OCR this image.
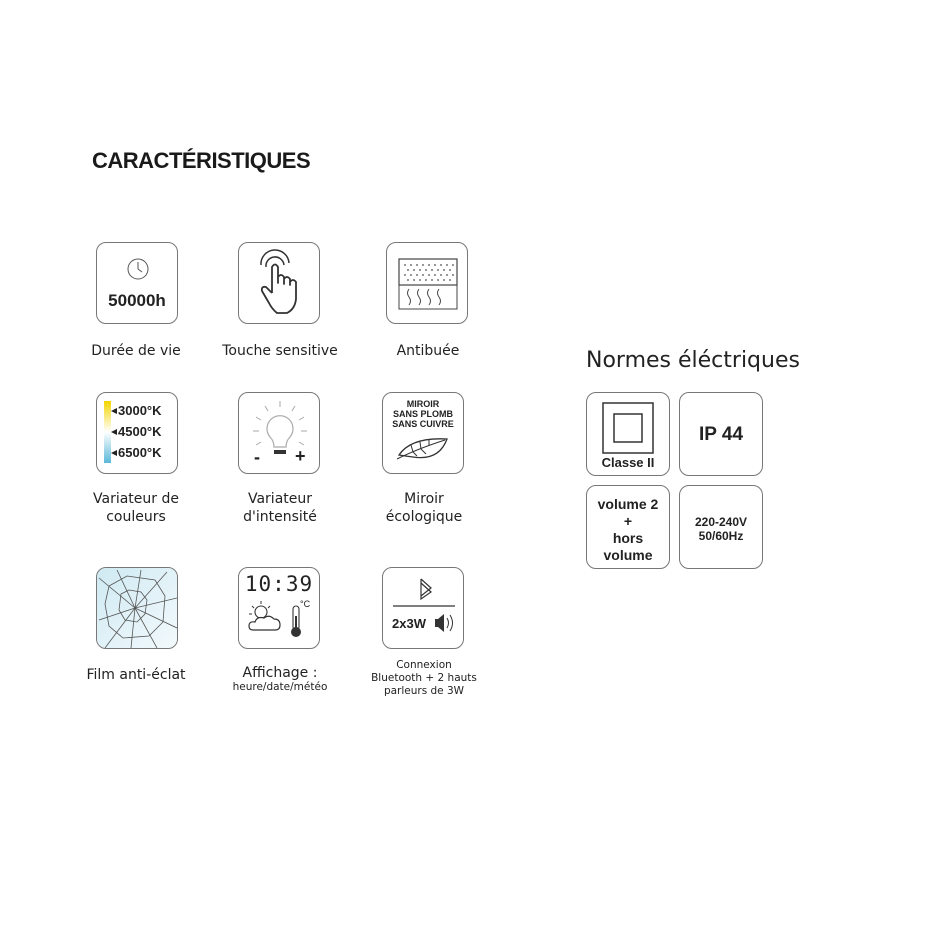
CARACTÉRISTIQUES
50000h
Durée de vie	Touche sensitive	Antibuée
3000°K
4500°K
6500°K
Variateur de
couleurs
- +
Variateur
d'intensité
MIROIR
SANS PLOMB
SANS CUIVRE
Miroir
écologique
Film anti-éclat
10:39
°C
Affichage :
heure/date/météo
2x3W
Connexion
Bluetooth + 2 hauts
parleurs de 3W
Normes éléctriques
Classe II
IP 44
volume 2
+
hors
volume
220-240V
50/60Hz
